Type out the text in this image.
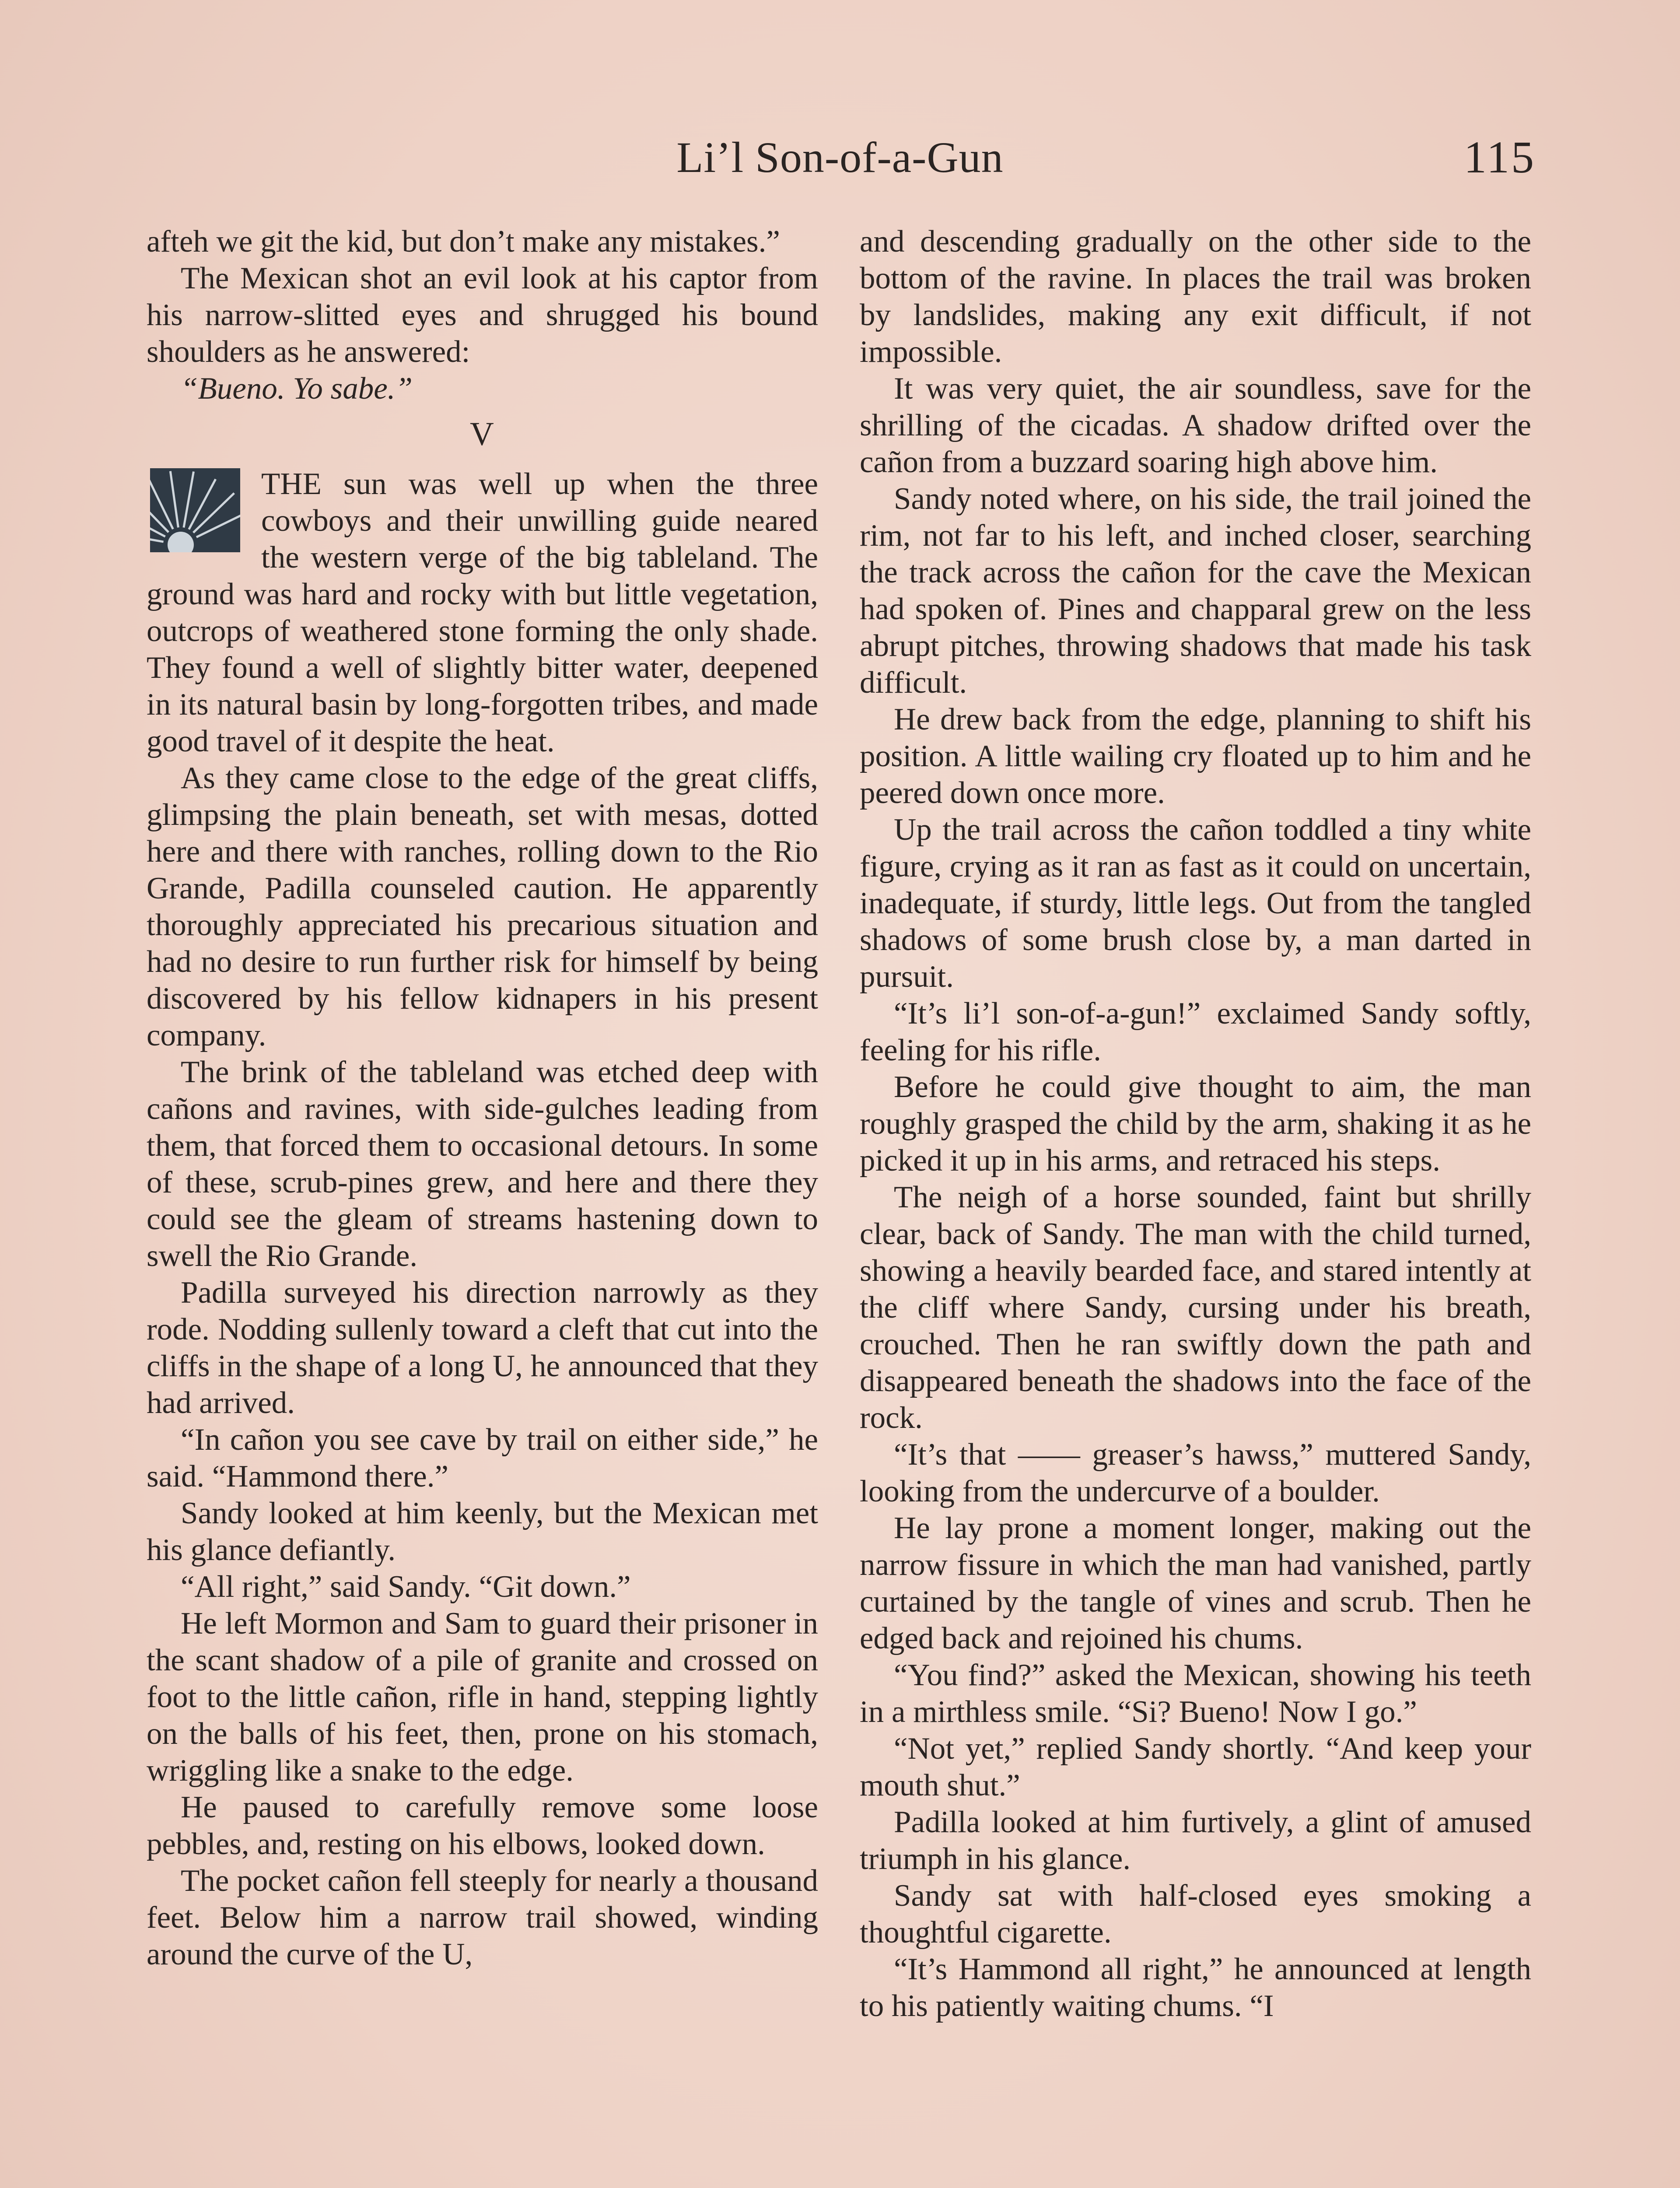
Li’l Son-of-a-Gun	115

afteh we git the kid, but don’t make any mistakes.”

The Mexican shot an evil look at his captor from his narrow-slitted eyes and shrugged his bound shoulders as he answered:

“Bueno. Yo sabe.”

V

THE sun was well up when the three cowboys and their unwilling guide neared the western verge of the big tableland. The ground was hard and rocky with but little vegetation, outcrops of weathered stone forming the only shade. They found a well of slightly bitter water, deepened in its natural basin by long-forgotten tribes, and made good travel of it despite the heat.

As they came close to the edge of the great cliffs, glimpsing the plain beneath, set with mesas, dotted here and there with ranches, rolling down to the Rio Grande, Padilla counseled caution. He apparently thoroughly appreciated his precarious situation and had no desire to run further risk for himself by being discovered by his fellow kidnapers in his present company.

The brink of the tableland was etched deep with cañons and ravines, with side-gulches leading from them, that forced them to occasional detours. In some of these, scrub-pines grew, and here and there they could see the gleam of streams hastening down to swell the Rio Grande.

Padilla surveyed his direction narrowly as they rode. Nodding sullenly toward a cleft that cut into the cliffs in the shape of a long U, he announced that they had arrived.

“In cañon you see cave by trail on either side,” he said. “Hammond there.”

Sandy looked at him keenly, but the Mexican met his glance defiantly.

“All right,” said Sandy. “Git down.”

He left Mormon and Sam to guard their prisoner in the scant shadow of a pile of granite and crossed on foot to the little cañon, rifle in hand, stepping lightly on the balls of his feet, then, prone on his stomach, wriggling like a snake to the edge.

He paused to carefully remove some loose pebbles, and, resting on his elbows, looked down.

The pocket cañon fell steeply for nearly a thousand feet. Below him a narrow trail showed, winding around the curve of the U,

and descending gradually on the other side to the bottom of the ravine. In places the trail was broken by landslides, making any exit difficult, if not impossible.

It was very quiet, the air soundless, save for the shrilling of the cicadas. A shadow drifted over the cañon from a buzzard soaring high above him.

Sandy noted where, on his side, the trail joined the rim, not far to his left, and inched closer, searching the track across the cañon for the cave the Mexican had spoken of. Pines and chapparal grew on the less abrupt pitches, throwing shadows that made his task difficult.

He drew back from the edge, planning to shift his position. A little wailing cry floated up to him and he peered down once more.

Up the trail across the cañon toddled a tiny white figure, crying as it ran as fast as it could on uncertain, inadequate, if sturdy, little legs. Out from the tangled shadows of some brush close by, a man darted in pursuit.

“It’s li’l son-of-a-gun!” exclaimed Sandy softly, feeling for his rifle.

Before he could give thought to aim, the man roughly grasped the child by the arm, shaking it as he picked it up in his arms, and retraced his steps.

The neigh of a horse sounded, faint but shrilly clear, back of Sandy. The man with the child turned, showing a heavily bearded face, and stared intently at the cliff where Sandy, cursing under his breath, crouched. Then he ran swiftly down the path and disappeared beneath the shadows into the face of the rock.

“It’s that —— greaser’s hawss,” muttered Sandy, looking from the undercurve of a boulder.

He lay prone a moment longer, making out the narrow fissure in which the man had vanished, partly curtained by the tangle of vines and scrub. Then he edged back and rejoined his chums.

“You find?” asked the Mexican, showing his teeth in a mirthless smile. “Si? Bueno! Now I go.”

“Not yet,” replied Sandy shortly. “And keep your mouth shut.”

Padilla looked at him furtively, a glint of amused triumph in his glance.

Sandy sat with half-closed eyes smoking a thoughtful cigarette.

“It’s Hammond all right,” he announced at length to his patiently waiting chums. “I
